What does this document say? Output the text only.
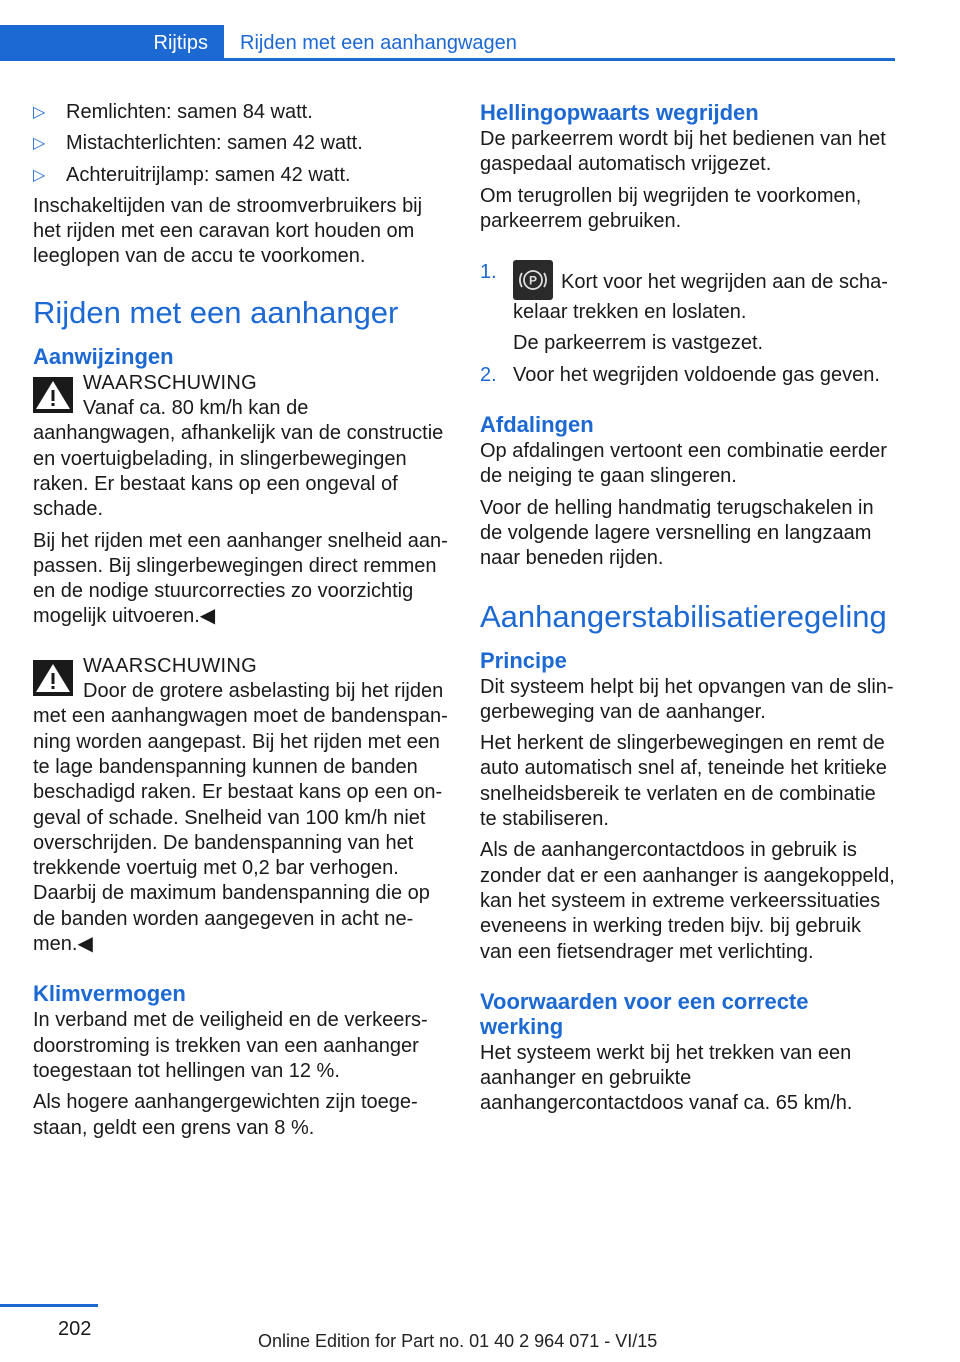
Rijtips	Rijden met een aanhangwagen
▷ Remlichten: samen 84 watt.
▷ Mistachterlichten: samen 42 watt.
▷ Achteruitrijlamp: samen 42 watt.

Inschakeltijden van de stroomverbruikers bij het rijden met een caravan kort houden om leeglopen van de accu te voorkomen.

Rijden met een aanhanger
Aanwijzingen
WAARSCHUWING
Vanaf ca. 80 km/h kan de aanhangwagen, afhankelijk van de constructie en voertuigbelading, in slingerbewegingen raken. Er bestaat kans op een ongeval of schade.

Bij het rijden met een aanhanger snelheid aanpassen. Bij slingerbewegingen direct remmen en de nodige stuurcorrecties zo voorzichtig mogelijk uitvoeren.◀

WAARSCHUWING
Door de grotere asbelasting bij het rijden met een aanhangwagen moet de bandenspanning worden aangepast. Bij het rijden met een te lage bandenspanning kunnen de banden beschadigd raken. Er bestaat kans op een ongeval of schade. Snelheid van 100 km/h niet overschrijden. De bandenspanning van het trekkende voertuig met 0,2 bar verhogen. Daarbij de maximum bandenspanning die op de banden worden aangegeven in acht nemen.◀
Klimvermogen

In verband met de veiligheid en de verkeersdoorstroming is trekken van een aanhanger toegestaan tot hellingen van 12 %.

Als hogere aanhangergewichten zijn toegestaan, geldt een grens van 8 %.

Hellingopwaarts wegrijden

De parkeerrem wordt bij het bedienen van het gaspedaal automatisch vrijgezet.

Om terugrollen bij wegrijden te voorkomen, parkeerrem gebruiken.

1.	P Kort voor het wegrijden aan de schakelaar trekken en loslaten.
De parkeerrem is vastgezet.
2. Voor het wegrijden voldoende gas geven.
Afdalingen

Op afdalingen vertoont een combinatie eerder de neiging te gaan slingeren.

Voor de helling handmatig terugschakelen in de volgende lagere versnelling en langzaam naar beneden rijden.

Aanhangerstabilisatieregeling
Principe

Dit systeem helpt bij het opvangen van de slingerbeweging van de aanhanger.

Het herkent de slingerbewegingen en remt de auto automatisch snel af, teneinde het kritieke snelheidsbereik te verlaten en de combinatie te stabiliseren.

Als de aanhangercontactdoos in gebruik is zonder dat er een aanhanger is aangekoppeld, kan het systeem in extreme verkeerssituaties eveneens in werking treden bijv. bij gebruik van een fietsendrager met verlichting.

Voorwaarden voor een correcte werking

Het systeem werkt bij het trekken van een aanhanger en gebruikte aanhangercontactdoos vanaf ca. 65 km/h.

202
Online Edition for Part no. 01 40 2 964 071 - VI/15
